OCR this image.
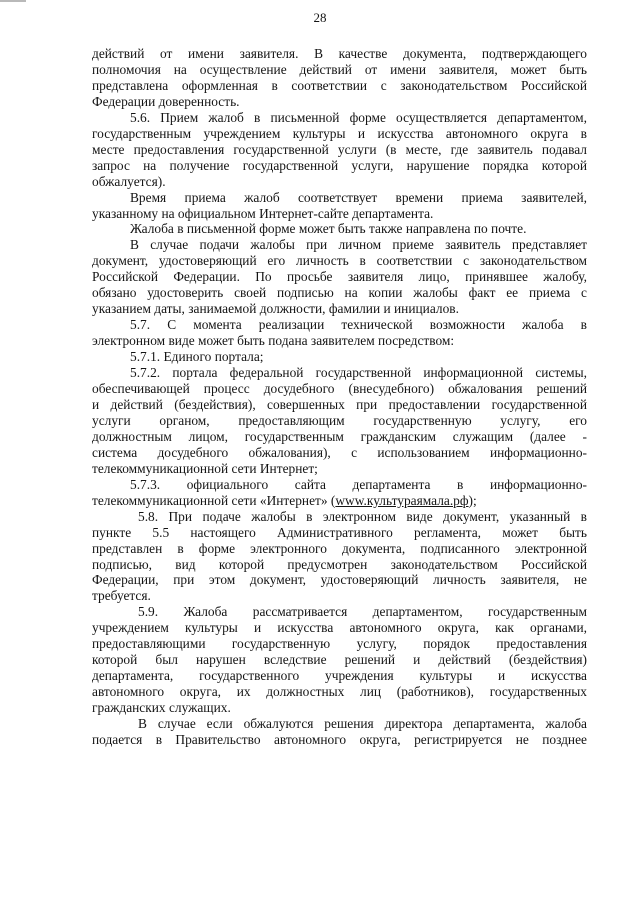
28
действий от имени заявителя. В качестве документа, подтверждающего
полномочия на осуществление действий от имени заявителя, может быть
представлена оформленная в соответствии с законодательством Российской
Федерации доверенность.
5.6. Прием жалоб в письменной форме осуществляется департаментом,
государственным учреждением культуры и искусства автономного округа в
месте предоставления государственной услуги (в месте, где заявитель подавал
запрос на получение государственной услуги, нарушение порядка которой
обжалуется).
Время приема жалоб соответствует времени приема заявителей,
указанному на официальном Интернет-сайте департамента.
Жалоба в письменной форме может быть также направлена по почте.
В случае подачи жалобы при личном приеме заявитель представляет
документ, удостоверяющий его личность в соответствии с законодательством
Российской Федерации. По просьбе заявителя лицо, принявшее жалобу,
обязано удостоверить своей подписью на копии жалобы факт ее приема с
указанием даты, занимаемой должности, фамилии и инициалов.
5.7. С момента реализации технической возможности жалоба в
электронном виде может быть подана заявителем посредством:
5.7.1. Единого портала;
5.7.2. портала федеральной государственной информационной системы,
обеспечивающей процесс досудебного (внесудебного) обжалования решений
и действий (бездействия), совершенных при предоставлении государственной
услуги органом, предоставляющим государственную услугу, его
должностным лицом, государственным гражданским служащим (далее -
система досудебного обжалования), с использованием информационно-
телекоммуникационной сети Интернет;
5.7.3. официального сайта департамента в информационно-
телекоммуникационной сети «Интернет» (www.культураямала.рф);
5.8. При подаче жалобы в электронном виде документ, указанный в
пункте 5.5 настоящего Административного регламента, может быть
представлен в форме электронного документа, подписанного электронной
подписью, вид которой предусмотрен законодательством Российской
Федерации, при этом документ, удостоверяющий личность заявителя, не
требуется.
5.9. Жалоба рассматривается департаментом, государственным
учреждением культуры и искусства автономного округа, как органами,
предоставляющими государственную услугу, порядок предоставления
которой был нарушен вследствие решений и действий (бездействия)
департамента, государственного учреждения культуры и искусства
автономного округа, их должностных лиц (работников), государственных
гражданских служащих.
В случае если обжалуются решения директора департамента, жалоба
подается в Правительство автономного округа, регистрируется не позднее
